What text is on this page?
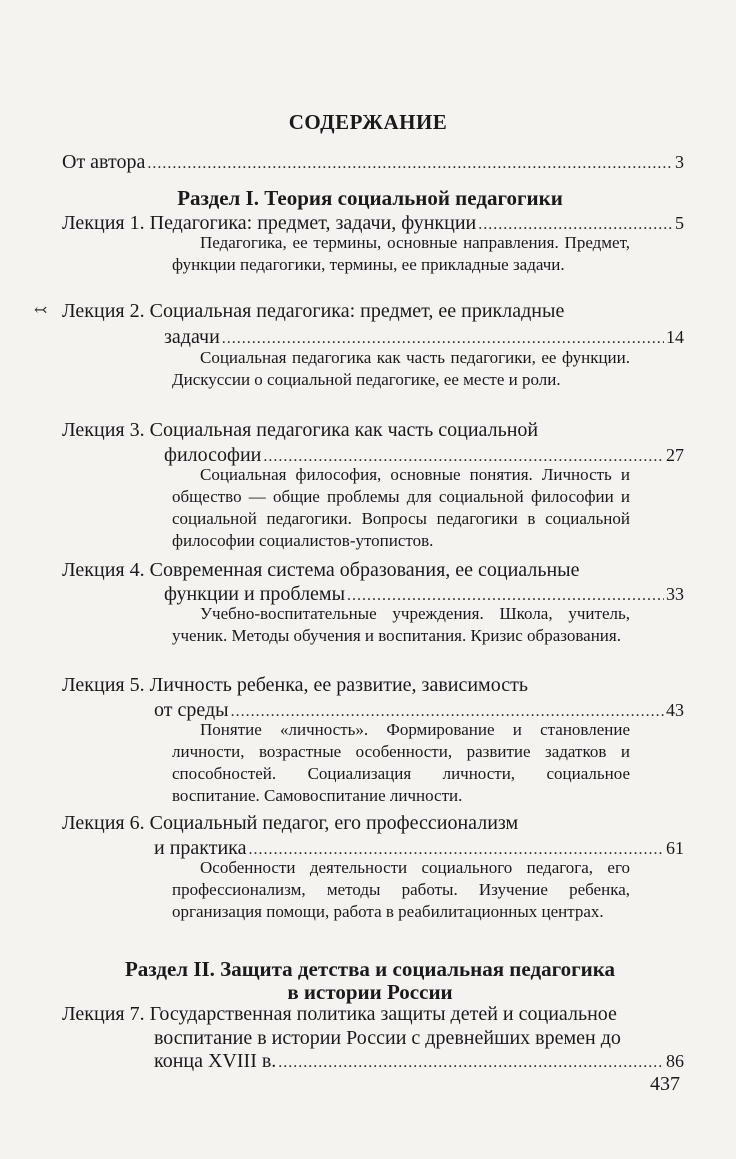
СОДЕРЖАНИЕ
От автора .....	3
Раздел I. Теория социальной педагогики
Лекция 1. Педагогика: предмет, задачи, функции .....	5
Педагогика, ее термины, основные направления. Предмет, функции педагогики, термины, ее прикладные задачи.
↢ Лекция 2. Социальная педагогика: предмет, ее прикладные
задачи .....	14
Социальная педагогика как часть педагогики, ее функции. Дискуссии о социальной педагогике, ее месте и роли.
Лекция 3. Социальная педагогика как часть социальной
философии .....	27
Социальная философия, основные понятия. Личность и общество — общие проблемы для социальной философии и социальной педагогики. Вопросы педагогики в социальной философии социалистов-утопистов.
Лекция 4. Современная система образования, ее социальные
функции и проблемы .....	33
Учебно-воспитательные учреждения. Школа, учитель, ученик. Методы обучения и воспитания. Кризис образования.
Лекция 5. Личность ребенка, ее развитие, зависимость
от среды .....	43
Понятие «личность». Формирование и становление личности, возрастные особенности, развитие задатков и способностей. Социализация личности, социальное воспитание. Самовоспитание личности.
Лекция 6. Социальный педагог, его профессионализм
и практика .....	61
Особенности деятельности социального педагога, его профессионализм, методы работы. Изучение ребенка, организация помощи, работа в реабилитационных центрах.
Раздел II. Защита детства и социальная педагогика
в истории России
Лекция 7. Государственная политика защиты детей и социальное
воспитание в истории России с древнейших времен до
конца XVIII в. .....	86
437
